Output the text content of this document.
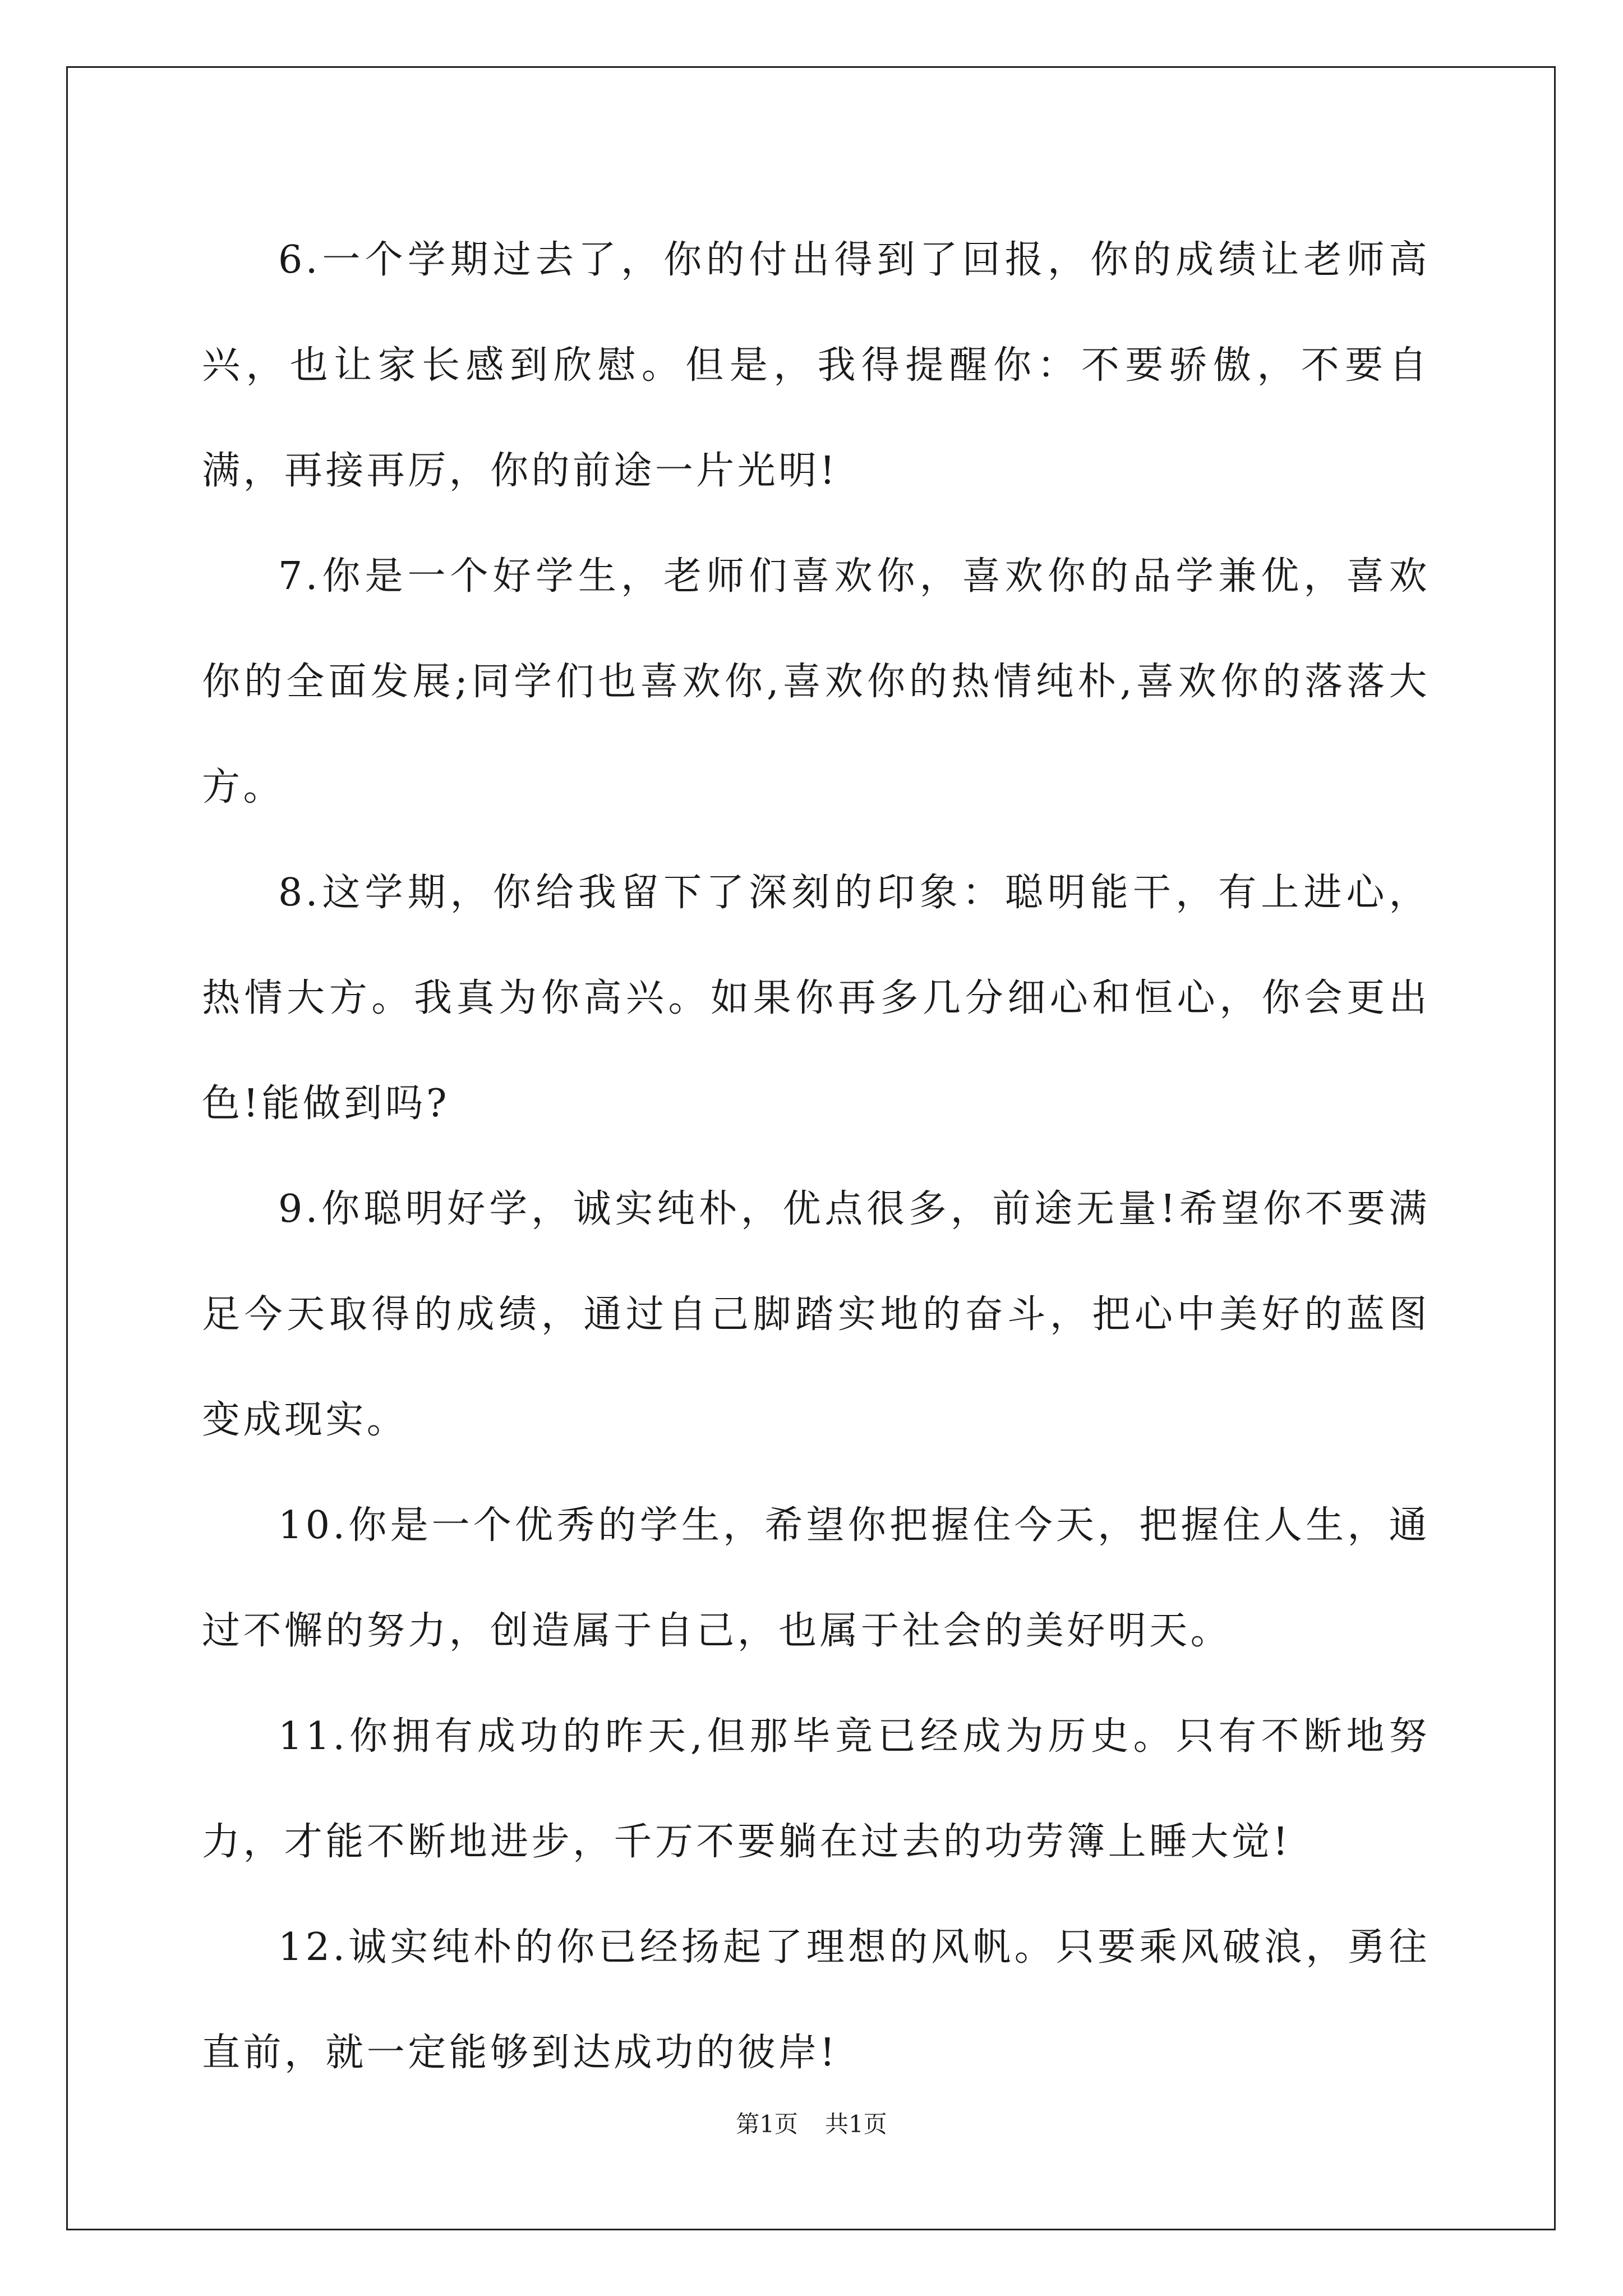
6.一个学期过去了，你的付出得到了回报，你的成绩让老师高兴，也让家长感到欣慰。但是，我得提醒你：不要骄傲，不要自满，再接再厉，你的前途一片光明!

7.你是一个好学生，老师们喜欢你，喜欢你的品学兼优，喜欢你的全面发展;同学们也喜欢你,喜欢你的热情纯朴,喜欢你的落落大方。

8.这学期，你给我留下了深刻的印象：聪明能干，有上进心，热情大方。我真为你高兴。如果你再多几分细心和恒心，你会更出色!能做到吗?

9.你聪明好学，诚实纯朴，优点很多，前途无量!希望你不要满足今天取得的成绩，通过自己脚踏实地的奋斗，把心中美好的蓝图变成现实。

10.你是一个优秀的学生，希望你把握住今天，把握住人生，通过不懈的努力，创造属于自己，也属于社会的美好明天。

11.你拥有成功的昨天,但那毕竟已经成为历史。只有不断地努力，才能不断地进步，千万不要躺在过去的功劳簿上睡大觉!

12.诚实纯朴的你已经扬起了理想的风帆。只要乘风破浪，勇往直前，就一定能够到达成功的彼岸!

第1页 共1页
